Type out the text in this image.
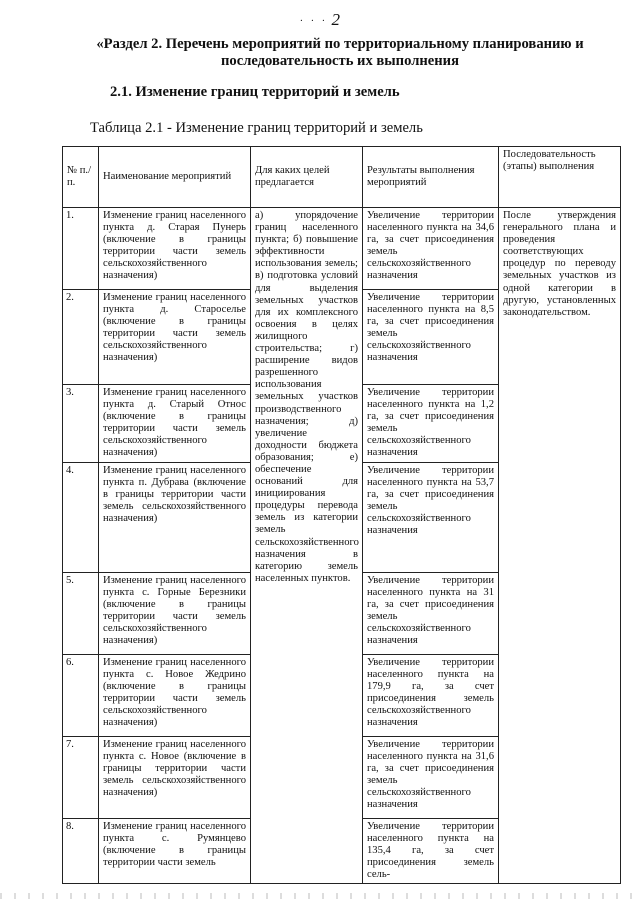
· · · 2
«Раздел 2. Перечень мероприятий по территориальному планированию и последовательность их выполнения
2.1. Изменение границ территорий и земель
Таблица 2.1 - Изменение границ территорий и земель
№ п./п.	Наименование мероприятий	Для каких целей предлагается	Результаты выполнения мероприятий	Последовательность (этапы) выполнения
1.	Изменение границ населенного пункта д. Старая Пунерь (включение в границы территории части земель сельскохозяйственного назначения)	а) упорядочение границ населенного пункта; б) повышение эффективности использования земель; в) подготовка условий для выделения земельных участков для их комплексного освоения в целях жилищного строительства; г) расширение видов разрешенного использования земельных участков производственного назначения; д) увеличение доходности бюджета образования; е) обеспечение оснований для инициирования процедуры перевода земель из категории земель сельскохозяйственного назначения в категорию земель населенных пунктов.	Увеличение территории населенного пункта на 34,6 га, за счет присоединения земель сельскохозяйственного назначения	После утверждения генерального плана и проведения соответствующих процедур по переводу земельных участков из одной категории в другую, установленных законодательством.
2.	Изменение границ населенного пункта д. Староселье (включение в границы территории части земель сельскохозяйственного назначения)		Увеличение территории населенного пункта на 8,5 га, за счет присоединения земель сельскохозяйственного назначения	
3.	Изменение границ населенного пункта д. Старый Относ (включение в границы территории части земель сельскохозяйственного назначения)		Увеличение территории населенного пункта на 1,2 га, за счет присоединения земель сельскохозяйственного назначения	
4.	Изменение границ населенного пункта п. Дубрава (включение в границы территории части земель сельскохозяйственного назначения)		Увеличение территории населенного пункта на 53,7 га, за счет присоединения земель сельскохозяйственного назначения	
5.	Изменение границ населенного пункта с. Горные Березники (включение в границы территории части земель сельскохозяйственного назначения)		Увеличение территории населенного пункта на 31 га, за счет присоединения земель сельскохозяйственного назначения	
6.	Изменение границ населенного пункта с. Новое Жедрино (включение в границы территории части земель сельскохозяйственного назначения)		Увеличение территории населенного пункта на 179,9 га, за счет присоединения земель сельскохозяйственного назначения	
7.	Изменение границ населенного пункта с. Новое (включение в границы территории части земель сельскохозяйственного назначения)		Увеличение территории населенного пункта на 31,6 га, за счет присоединения земель сельскохозяйственного назначения	
8.	Изменение границ населенного пункта с. Румянцево (включение в границы территории части земель		Увеличение территории населенного пункта на 135,4 га, за счет присоединения земель сель-	
